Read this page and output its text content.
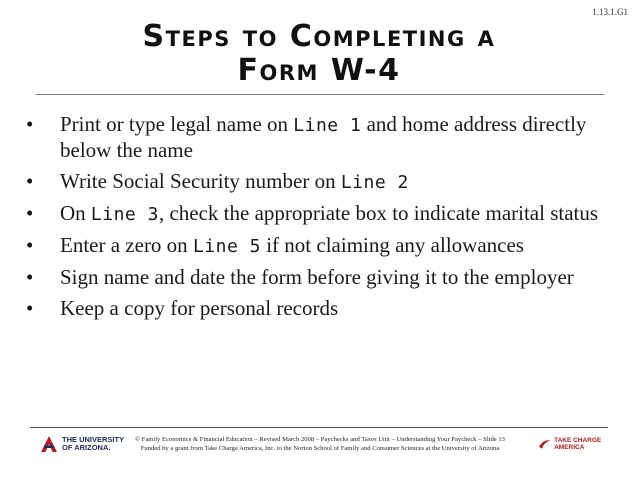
1.13.1.G1
Steps to Completing a
Form W-4
• Print or type legal name on Line 1 and home address directly below the name
• Write Social Security number on Line 2
• On Line 3, check the appropriate box to indicate marital status
• Enter a zero on Line 5 if not claiming any allowances
• Sign name and date the form before giving it to the employer
• Keep a copy for personal records
THE UNIVERSITY
OF ARIZONA.
© Family Economics & Financial Education – Revised March 2008 – Paychecks and Taxes Unit – Understanding Your Paycheck – Slide 13
Funded by a grant from Take Charge America, Inc. to the Norton School of Family and Consumer Sciences at the University of Arizona
TAKE CHARGE AMERICA
